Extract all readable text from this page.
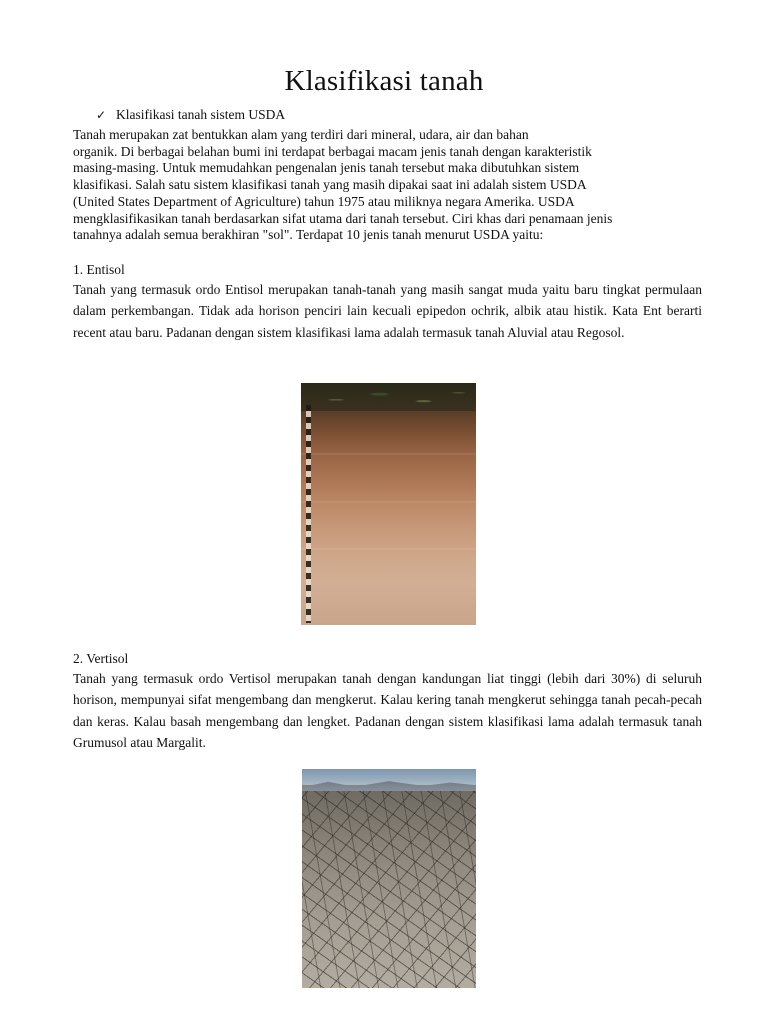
Klasifikasi tanah
✓ Klasifikasi tanah sistem USDA

Tanah merupakan zat bentukkan alam yang terdiri dari mineral, udara, air dan bahan
organik. Di berbagai belahan bumi ini terdapat berbagai macam jenis tanah dengan karakteristik
masing-masing. Untuk memudahkan pengenalan jenis tanah tersebut maka dibutuhkan sistem
klasifikasi. Salah satu sistem klasifikasi tanah yang masih dipakai saat ini adalah sistem USDA
(United States Department of Agriculture) tahun 1975 atau miliknya negara Amerika. USDA
mengklasifikasikan tanah berdasarkan sifat utama dari tanah tersebut. Ciri khas dari penamaan jenis
tanahnya adalah semua berakhiran "sol". Terdapat 10 jenis tanah menurut USDA yaitu:

1. Entisol

Tanah yang termasuk ordo Entisol merupakan tanah-tanah yang masih sangat muda yaitu baru tingkat permulaan dalam perkembangan. Tidak ada horison penciri lain kecuali epipedon ochrik, albik atau histik. Kata Ent berarti recent atau baru. Padanan dengan sistem klasifikasi lama adalah termasuk tanah Aluvial atau Regosol.

2. Vertisol

Tanah yang termasuk ordo Vertisol merupakan tanah dengan kandungan liat tinggi (lebih dari 30%) di seluruh horison, mempunyai sifat mengembang dan mengkerut. Kalau kering tanah mengkerut sehingga tanah pecah-pecah dan keras. Kalau basah mengembang dan lengket. Padanan dengan sistem klasifikasi lama adalah termasuk tanah Grumusol atau Margalit.
